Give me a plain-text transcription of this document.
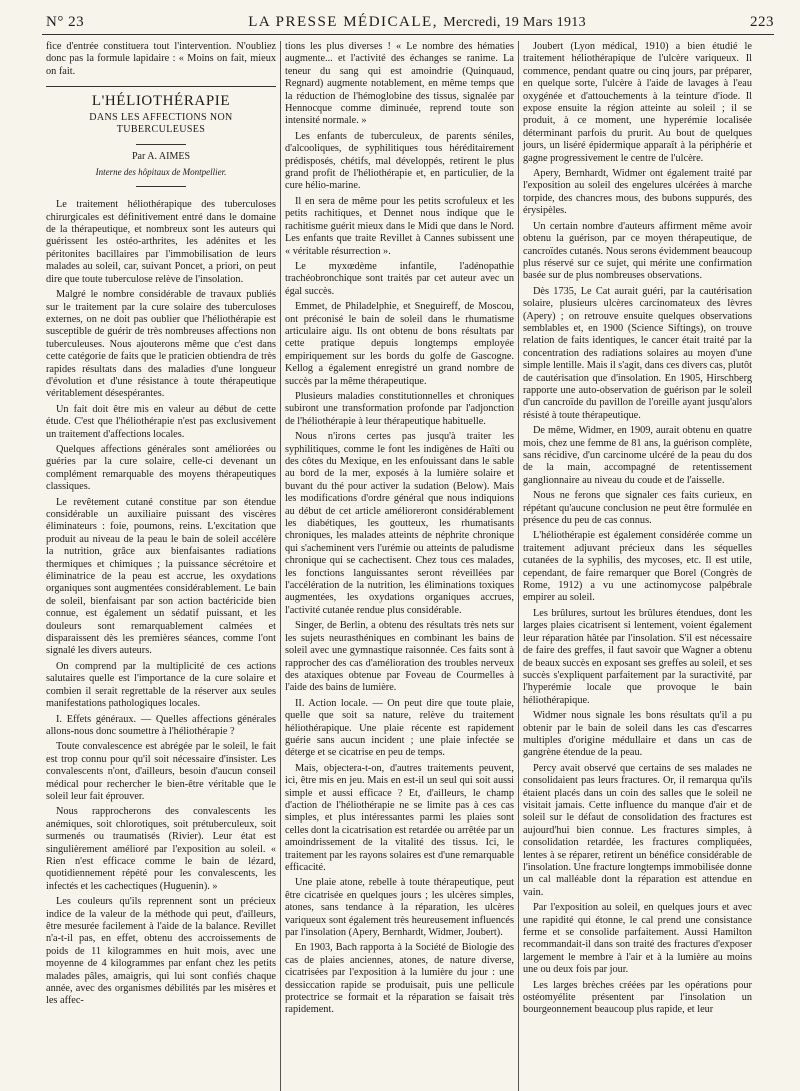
N° 23	LA PRESSE MÉDICALE, Mercredi, 19 Mars 1913	223

fice d'entrée constituera tout l'intervention. N'oubliez donc pas la formule lapidaire : « Moins on fait, mieux on fait.

L'HÉLIOTHÉRAPIE
DANS LES AFFECTIONS NON TUBERCULEUSES
Par A. AIMES
Interne des hôpitaux de Montpellier.

Le traitement héliothérapique des tuberculoses chirurgicales est définitivement entré dans le domaine de la thérapeutique, et nombreux sont les auteurs qui guérissent les ostéo-arthrites, les adénites et les péritonites bacillaires par l'immobilisation de leurs malades au soleil, car, suivant Poncet, a priori, on peut dire que toute tuberculose relève de l'insolation.

Malgré le nombre considérable de travaux publiés sur le traitement par la cure solaire des tuberculoses externes, on ne doit pas oublier que l'héliothérapie est susceptible de guérir de très nombreuses affections non tuberculeuses. Nous ajouterons même que c'est dans cette catégorie de faits que le praticien obtiendra de très rapides résultats dans des maladies d'une longueur d'évolution et d'une résistance à toute thérapeutique véritablement désespérantes.

Un fait doit être mis en valeur au début de cette étude. C'est que l'héliothérapie n'est pas exclusivement un traitement d'affections locales.

Quelques affections générales sont améliorées ou guéries par la cure solaire, celle-ci devenant un complément remarquable des moyens thérapeutiques classiques.

Le revêtement cutané constitue par son étendue considérable un auxiliaire puissant des viscères éliminateurs : foie, poumons, reins. L'excitation que produit au niveau de la peau le bain de soleil accélère la nutrition, grâce aux bienfaisantes radiations thermiques et chimiques ; la puissance sécrétoire et éliminatrice de la peau est accrue, les oxydations organiques sont augmentées considérablement. Le bain de soleil, bienfaisant par son action bactéricide bien connue, est également un sédatif puissant, et les douleurs sont remarquablement calmées et disparaissent dès les premières séances, comme l'ont signalé les divers auteurs.

On comprend par la multiplicité de ces actions salutaires quelle est l'importance de la cure solaire et combien il serait regrettable de la réserver aux seules manifestations pathologiques locales.

I. Effets généraux. — Quelles affections générales allons-nous donc soumettre à l'héliothérapie ?

Toute convalescence est abrégée par le soleil, le fait est trop connu pour qu'il soit nécessaire d'insister. Les convalescents n'ont, d'ailleurs, besoin d'aucun conseil médical pour rechercher le bien-être véritable que le soleil leur fait éprouver.

Nous rapprocherons des convalescents les anémiques, soit chlorotiques, soit prétuberculeux, soit surmenés ou traumatisés (Rivier). Leur état est singulièrement amélioré par l'exposition au soleil. « Rien n'est efficace comme le bain de lézard, quotidiennement répété pour les convalescents, les infectés et les cachectiques (Huguenin). »

Les couleurs qu'ils reprennent sont un précieux indice de la valeur de la méthode qui peut, d'ailleurs, être mesurée facilement à l'aide de la balance. Revillet n'a-t-il pas, en effet, obtenu des accroissements de poids de 11 kilogrammes en huit mois, avec une moyenne de 4 kilogrammes par enfant chez les petits malades pâles, amaigris, qui lui sont confiés chaque année, avec des organismes débilités par les misères et les affec-

tions les plus diverses ! « Le nombre des hématies augmente... et l'activité des échanges se ranime. La teneur du sang qui est amoindrie (Quinquaud, Regnard) augmente notablement, en même temps que la réduction de l'hémoglobine des tissus, signalée par Hennocque comme diminuée, reprend toute son intensité normale. »

Les enfants de tuberculeux, de parents séniles, d'alcooliques, de syphilitiques tous héréditairement prédisposés, chétifs, mal développés, retirent le plus grand profit de l'héliothérapie et, en particulier, de la cure hélio-marine.

Il en sera de même pour les petits scrofuleux et les petits rachitiques, et Dennet nous indique que le rachitisme guérit mieux dans le Midi que dans le Nord. Les enfants que traite Revillet à Cannes subissent une « véritable résurrection ».

Le myxœdème infantile, l'adénopathie trachéobronchique sont traités par cet auteur avec un égal succès.

Emmet, de Philadelphie, et Sneguireff, de Moscou, ont préconisé le bain de soleil dans le rhumatisme articulaire aigu. Ils ont obtenu de bons résultats par cette pratique depuis longtemps employée empiriquement sur les bords du golfe de Gascogne. Kellog a également enregistré un grand nombre de succès par la même thérapeutique.

Plusieurs maladies constitutionnelles et chroniques subiront une transformation profonde par l'adjonction de l'héliothérapie à leur thérapeutique habituelle.

Nous n'irons certes pas jusqu'à traiter les syphilitiques, comme le font les indigènes de Haïti ou des côtes du Mexique, en les enfouissant dans le sable au bord de la mer, exposés à la lumière solaire et buvant du thé pour activer la sudation (Below). Mais les modifications d'ordre général que nous indiquions au début de cet article amélioreront considérablement les diabétiques, les goutteux, les rhumatisants chroniques, les malades atteints de néphrite chronique qui s'acheminent vers l'urémie ou atteints de paludisme chronique qui se cachectisent. Chez tous ces malades, les fonctions languissantes seront réveillées par l'accélération de la nutrition, les éliminations toxiques augmentées, les oxydations organiques accrues, l'activité cutanée rendue plus considérable.

Singer, de Berlin, a obtenu des résultats très nets sur les sujets neurasthéniques en combinant les bains de soleil avec une gymnastique raisonnée. Ces faits sont à rapprocher des cas d'amélioration des troubles nerveux des ataxiques obtenue par Foveau de Courmelles à l'aide des bains de lumière.

II. Action locale. — On peut dire que toute plaie, quelle que soit sa nature, relève du traitement héliothérapique. Une plaie récente est rapidement guérie sans aucun incident ; une plaie infectée se déterge et se cicatrise en peu de temps.

Mais, objectera-t-on, d'autres traitements peuvent, ici, être mis en jeu. Mais en est-il un seul qui soit aussi simple et aussi efficace ? Et, d'ailleurs, le champ d'action de l'héliothérapie ne se limite pas à ces cas simples, et plus intéressantes parmi les plaies sont celles dont la cicatrisation est retardée ou arrêtée par un amoindrissement de la vitalité des tissus. Ici, le traitement par les rayons solaires est d'une remarquable efficacité.

Une plaie atone, rebelle à toute thérapeutique, peut être cicatrisée en quelques jours ; les ulcères simples, atones, sans tendance à la réparation, les ulcères variqueux sont également très heureusement influencés par l'insolation (Apery, Bernhardt, Widmer, Joubert).

En 1903, Bach rapporta à la Société de Biologie des cas de plaies anciennes, atones, de nature diverse, cicatrisées par l'exposition à la lumière du jour : une dessiccation rapide se produisait, puis une pellicule protectrice se formait et la réparation se faisait très rapidement.

Joubert (Lyon médical, 1910) a bien étudié le traitement héliothérapique de l'ulcère variqueux. Il commence, pendant quatre ou cinq jours, par préparer, en quelque sorte, l'ulcère à l'aide de lavages à l'eau oxygénée et d'attouchements à la teinture d'iode. Il expose ensuite la région atteinte au soleil ; il se produit, à ce moment, une hyperémie localisée déterminant parfois du prurit. Au bout de quelques jours, un liséré épidermique apparaît à la périphérie et gagne progressivement le centre de l'ulcère.

Apery, Bernhardt, Widmer ont également traité par l'exposition au soleil des engelures ulcérées à marche torpide, des chancres mous, des bubons suppurés, des érysipèles.

Un certain nombre d'auteurs affirment même avoir obtenu la guérison, par ce moyen thérapeutique, de cancroïdes cutanés. Nous serons évidemment beaucoup plus réservé sur ce sujet, qui mérite une confirmation basée sur de plus nombreuses observations.

Dès 1735, Le Cat aurait guéri, par la cautérisation solaire, plusieurs ulcères carcinomateux des lèvres (Apery) ; on retrouve ensuite quelques observations semblables et, en 1900 (Science Siftings), on trouve relation de faits identiques, le cancer était traité par la concentration des radiations solaires au moyen d'une simple lentille. Mais il s'agit, dans ces divers cas, plutôt de cautérisation que d'insolation. En 1905, Hirschberg rapporte une auto-observation de guérison par le soleil d'un cancroïde du pavillon de l'oreille ayant jusqu'alors résisté à toute thérapeutique.

De même, Widmer, en 1909, aurait obtenu en quatre mois, chez une femme de 81 ans, la guérison complète, sans récidive, d'un carcinome ulcéré de la peau du dos de la main, accompagné de retentissement ganglionnaire au niveau du coude et de l'aisselle.

Nous ne ferons que signaler ces faits curieux, en répétant qu'aucune conclusion ne peut être formulée en présence du peu de cas connus.

L'héliothérapie est également considérée comme un traitement adjuvant précieux dans les séquelles cutanées de la syphilis, des mycoses, etc. Il est utile, cependant, de faire remarquer que Borel (Congrès de Rome, 1912) a vu une actinomycose palpébrale empirer au soleil.

Les brûlures, surtout les brûlures étendues, dont les larges plaies cicatrisent si lentement, voient également leur réparation hâtée par l'insolation. S'il est nécessaire de faire des greffes, il faut savoir que Wagner a obtenu de beaux succès en exposant ses greffes au soleil, et ses succès s'expliquent parfaitement par la suractivité, par l'hyperémie locale que provoque le bain héliothérapique.

Widmer nous signale les bons résultats qu'il a pu obtenir par le bain de soleil dans les cas d'escarres multiples d'origine médullaire et dans un cas de gangrène étendue de la peau.

Percy avait observé que certains de ses malades ne consolidaient pas leurs fractures. Or, il remarqua qu'ils étaient placés dans un coin des salles que le soleil ne visitait jamais. Cette influence du manque d'air et de soleil sur le défaut de consolidation des fractures est aujourd'hui bien connue. Les fractures simples, à consolidation retardée, les fractures compliquées, lentes à se réparer, retirent un bénéfice considérable de l'insolation. Une fracture longtemps immobilisée donne un cal malléable dont la réparation est attendue en vain.

Par l'exposition au soleil, en quelques jours et avec une rapidité qui étonne, le cal prend une consistance ferme et se consolide parfaitement. Aussi Hamilton recommandait-il dans son traité des fractures d'exposer largement le membre à l'air et à la lumière au moins une ou deux fois par jour.

Les larges brèches créées par les opérations pour ostéomyélite présentent par l'insolation un bourgeonnement beaucoup plus rapide, et leur
